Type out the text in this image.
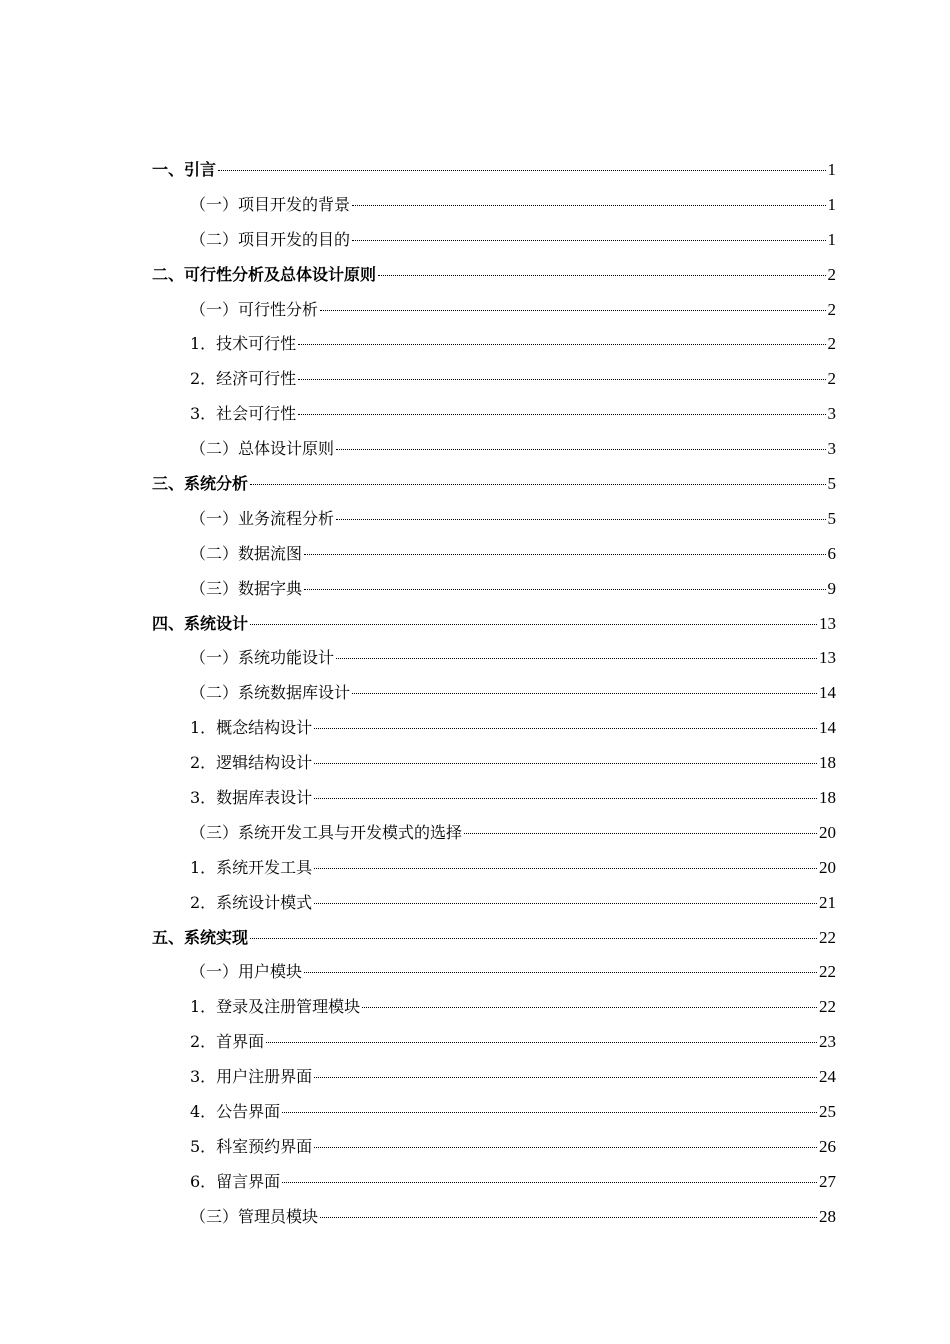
一、引言	1
（一）项目开发的背景	1
（二）项目开发的目的	1
二、可行性分析及总体设计原则	2
（一）可行性分析	2
1．技术可行性	2
2．经济可行性	2
3．社会可行性	3
（二）总体设计原则	3
三、系统分析	5
（一）业务流程分析	5
（二）数据流图	6
（三）数据字典	9
四、系统设计	13
（一）系统功能设计	13
（二）系统数据库设计	14
1．概念结构设计	14
2．逻辑结构设计	18
3．数据库表设计	18
（三）系统开发工具与开发模式的选择	20
1．系统开发工具	20
2．系统设计模式	21
五、系统实现	22
（一）用户模块	22
1．登录及注册管理模块	22
2．首界面	23
3．用户注册界面	24
4．公告界面	25
5．科室预约界面	26
6．留言界面	27
（三）管理员模块	28
